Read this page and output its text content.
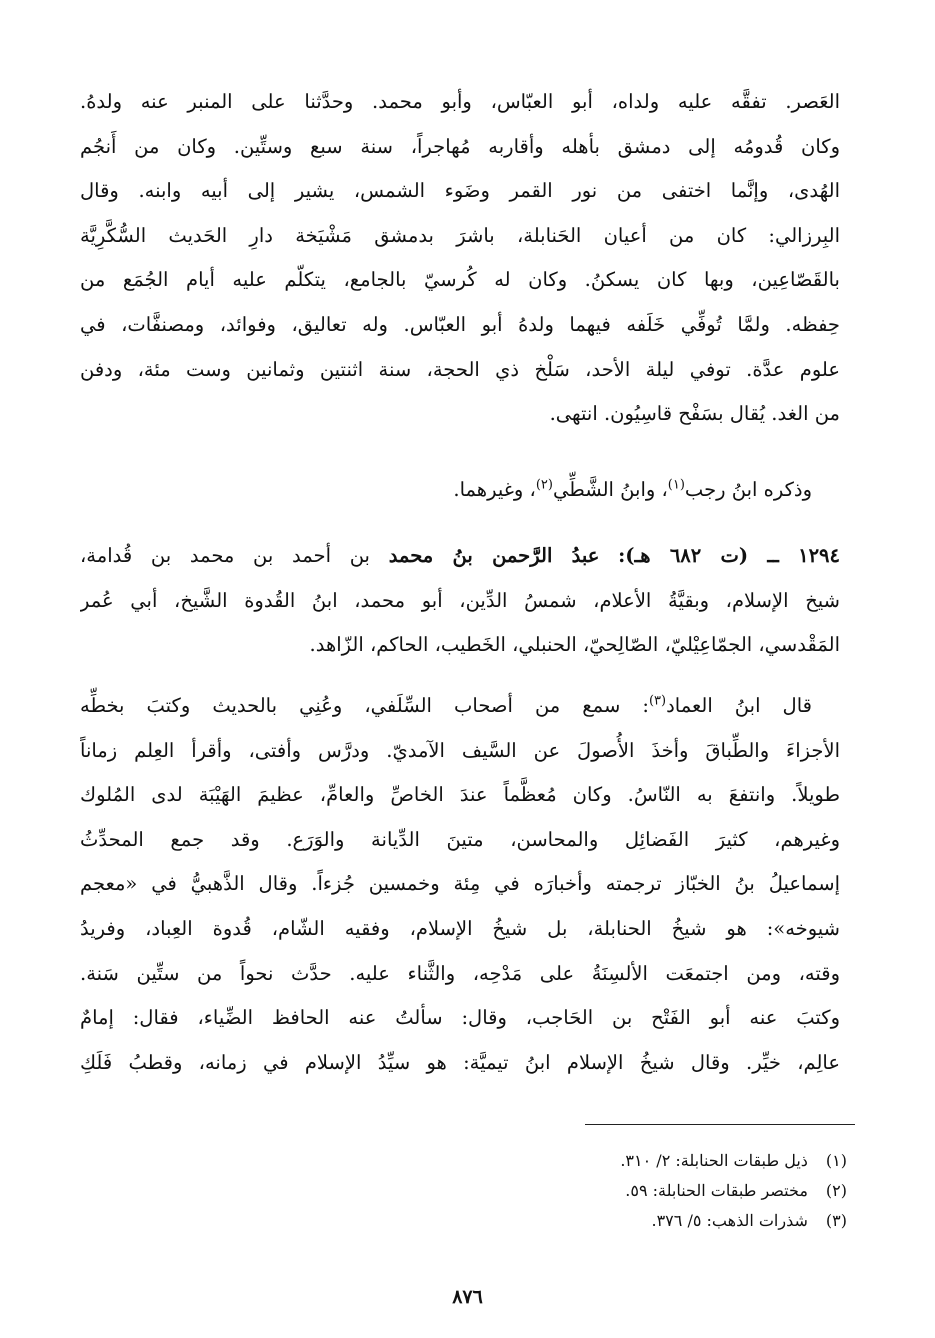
العَصر. تفقَّه عليه ولداه، أبو العبّاس، وأبو محمد. وحدَّثنا على المنبر عنه ولدهُ.
وكان قُدومُه إلى دمشق بأهله وأقاربه مُهاجراً، سنة سبع وستِّين. وكان من أَنجُم
الهُدى، وإنَّما اختفى من نور القمر وضَوء الشمس، يشير إلى أبيه وابنه. وقال
البِرزالي: كان من أعيان الحَنابلة، باشرَ بدمشق مَشْيَخة دارِ الحَديث السُّكَّرِيَّة
بالقَصّاعِين، وبها كان يسكنُ. وكان له كُرسيّ بالجامع، يتكلّم عليه أيام الجُمَع من
حِفظه. ولمَّا تُوفِّي خَلَفه فيهما ولدهُ أبو العبّاس. وله تعاليق، وفوائد، ومصنفَّات، في
علوم عدَّة. توفي ليلة الأحد، سَلْخ ذي الحجة، سنة اثنتين وثمانين وست مئة، ودفن
من الغد. يُقال بسَفْح قاسِيُون. انتهى.
وذكره ابنُ رجب$^{(١)}$، وابنُ الشَّطِّي$^{(٢)}$، وغيرهما.
١٢٩٤ ــ (ت ٦٨٢ هـ): عبدُ الرَّحمن بنُ محمد بن أحمد بن محمد بن قُدامة،
شيخ الإسلام، وبقيَّةُ الأعلام، شمسُ الدِّين، أبو محمد، ابنُ القُدوة الشَّيخ، أبي عُمر
المَقْدسي، الجمّاعِيْليّ، الصّالِحيّ، الحنبلي، الخَطيب، الحاكم، الزّاهد.
قال ابنُ العماد$^{(٣)}$: سمع من أصحاب السِّلَفي، وعُنِي بالحديث وكتبَ بخطِّه
الأجزاءَ والطِّباقَ وأخذَ الأُصولَ عن السَّيف الآمديّ. ودرَّس وأفتى، وأقرأ العِلم زماناً
طويلاً. وانتفعَ به النّاسُ. وكان مُعظَّماً عندَ الخاصِّ والعامِّ، عظيمَ الهَيْبَة لدى المُلوك
وغيرهم، كثيرَ الفَضائِل والمحاسن، متينَ الدِّيانة والوَرَع. وقد جمع المحدِّثُ
إسماعيلُ بنُ الخبّاز ترجمته وأخبارَه في مِئة وخمسين جُزءاً. وقال الذَّهبيُّ في «معجم
شيوخه»: هو شيخُ الحنابلة، بل شيخُ الإسلام، وفقيه الشّام، قُدوة العِباد، وفريدُ
وقته، ومن اجتمعَت الألسِنَةُ على مَدْحِه، والثَّناء عليه. حدَّث نحواً من ستِّين سَنة.
وكتبَ عنه أبو الفَتْح بن الحَاجب، وقال: سألتُ عنه الحافظ الضِّياء، فقال: إمامٌ
عالِم، خيِّر. وقال شيخُ الإسلام ابنُ تيميَّة: هو سيِّدُ الإسلام في زمانه، وقطبُ فَلَكِ
(١) ذيل طبقات الحنابلة: ٢/ ٣١٠.
(٢) مختصر طبقات الحنابلة: ٥٩.
(٣) شذرات الذهب: ٥/ ٣٧٦.
٨٧٦
